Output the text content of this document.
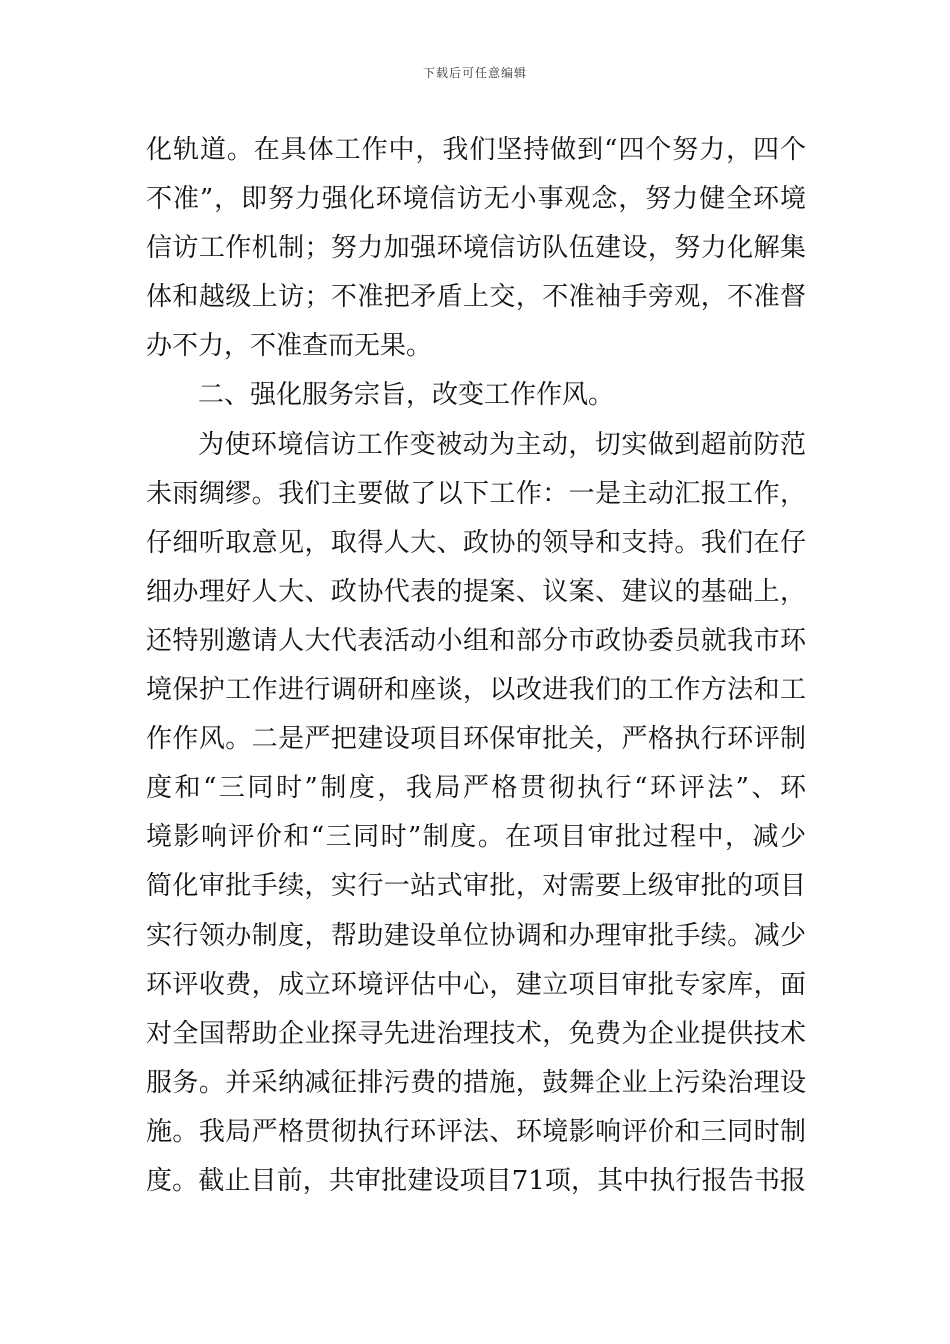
下载后可任意编辑
化轨道。在具体工作中，我们坚持做到“四个努力，四个
不准”，即努力强化环境信访无小事观念，努力健全环境
信访工作机制；努力加强环境信访队伍建设，努力化解集
体和越级上访；不准把矛盾上交，不准袖手旁观，不准督
办不力，不准查而无果。
二、强化服务宗旨，改变工作作风。
为使环境信访工作变被动为主动，切实做到超前防范
未雨绸缪。我们主要做了以下工作：一是主动汇报工作，
仔细听取意见，取得人大、政协的领导和支持。我们在仔
细办理好人大、政协代表的提案、议案、建议的基础上，
还特别邀请人大代表活动小组和部分市政协委员就我市环
境保护工作进行调研和座谈，以改进我们的工作方法和工
作作风。二是严把建设项目环保审批关，严格执行环评制
度和“三同时”制度，我局严格贯彻执行“环评法”、环
境影响评价和“三同时”制度。在项目审批过程中，减少
简化审批手续，实行一站式审批，对需要上级审批的项目
实行领办制度，帮助建设单位协调和办理审批手续。减少
环评收费，成立环境评估中心，建立项目审批专家库，面
对全国帮助企业探寻先进治理技术，免费为企业提供技术
服务。并采纳减征排污费的措施，鼓舞企业上污染治理设
施。我局严格贯彻执行环评法、环境影响评价和三同时制
度。截止目前，共审批建设项目71项，其中执行报告书报
